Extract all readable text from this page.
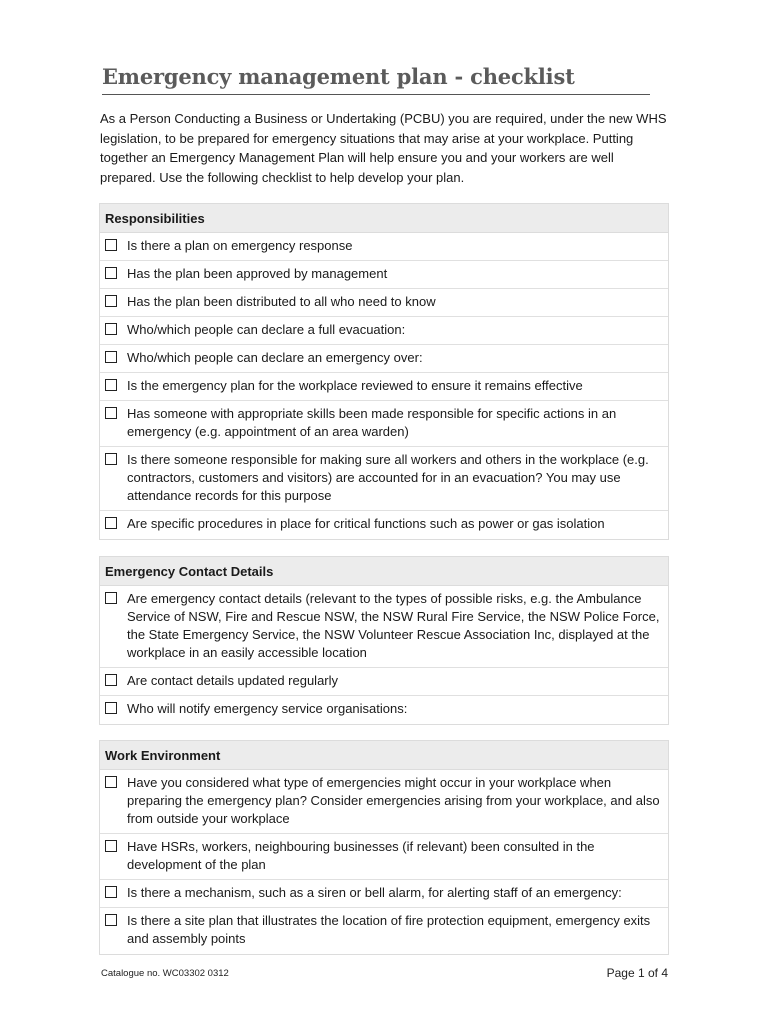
Emergency management plan - checklist
As a Person Conducting a Business or Undertaking (PCBU) you are required, under the new WHS legislation, to be prepared for emergency situations that may arise at your workplace. Putting together an Emergency Management Plan will help ensure you and your workers are well prepared. Use the following checklist to help develop your plan.
Responsibilities
Is there a plan on emergency response
Has the plan been approved by management
Has the plan been distributed to all who need to know
Who/which people can declare a full evacuation:
Who/which people can declare an emergency over:
Is the emergency plan for the workplace reviewed to ensure it remains effective
Has someone with appropriate skills been made responsible for specific actions in an emergency (e.g. appointment of an area warden)
Is there someone responsible for making sure all workers and others in the workplace (e.g. contractors, customers and visitors) are accounted for in an evacuation? You may use attendance records for this purpose
Are specific procedures in place for critical functions such as power or gas isolation
Emergency Contact Details
Are emergency contact details (relevant to the types of possible risks, e.g. the Ambulance Service of NSW, Fire and Rescue NSW, the NSW Rural Fire Service, the NSW Police Force, the State Emergency Service, the NSW Volunteer Rescue Association Inc, displayed at the workplace in an easily accessible location
Are contact details updated regularly
Who will notify emergency service organisations:
Work Environment
Have you considered what type of emergencies might occur in your workplace when preparing the emergency plan? Consider emergencies arising from your workplace, and also from outside your workplace
Have HSRs, workers, neighbouring businesses (if relevant) been consulted in the development of the plan
Is there a mechanism, such as a siren or bell alarm, for alerting staff of an emergency:
Is there a site plan that illustrates the location of fire protection equipment, emergency exits and assembly points
Catalogue no. WC03302 0312	Page 1 of 4
